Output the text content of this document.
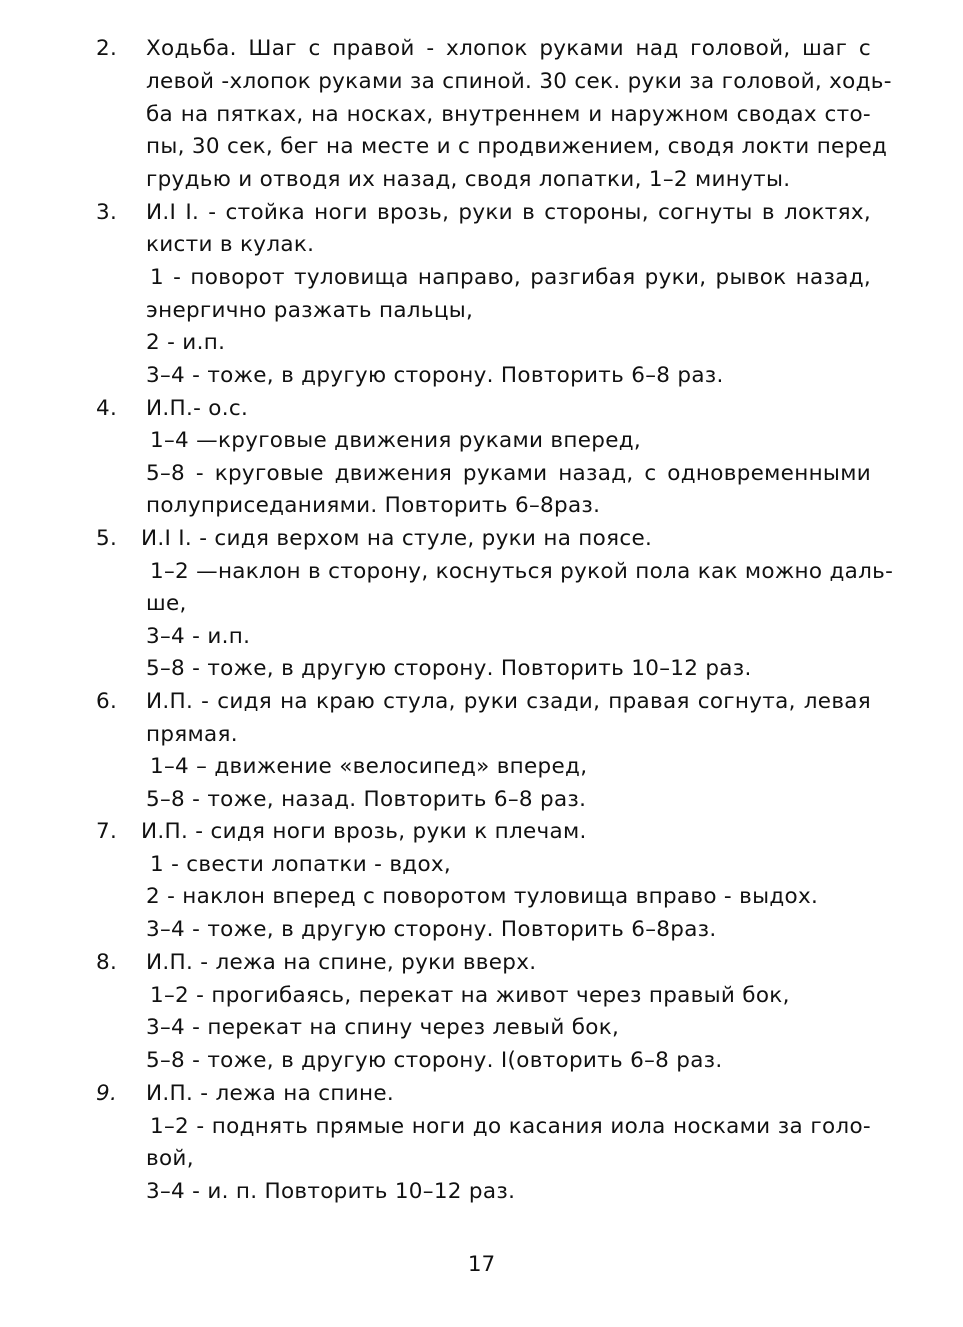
2. Ходьба. Шаг с правой - хлопок руками над головой, шаг с
левой -хлопок руками за спиной. 30 сек. руки за головой, ходь-
ба на пятках, на носках, внутреннем и наружном сводах сто-
пы, 30 сек, бег на месте и с продвижением, сводя локти перед
грудью и отводя их назад, сводя лопатки, 1–2 минуты.
3. И.I I. - стойка ноги врозь, руки в стороны, согнуты в локтях,
кисти в кулак.
1 - поворот туловища направо, разгибая руки, рывок назад,
энергично разжать пальцы,
2 - и.п.
3–4 - тоже, в другую сторону. Повторить 6–8 раз.
4. И.П.- о.с.
1–4 —круговые движения руками вперед,
5–8 - круговые движения руками назад, с одновременными
полуприседаниями. Повторить 6–8раз.
5. И.I I. - сидя верхом на стуле, руки на поясе.
1–2 —наклон в сторону, коснуться рукой пола как можно даль-
ше,
3–4 - и.п.
5–8 - тоже, в другую сторону. Повторить 10–12 раз.
6. И.П. - сидя на краю стула, руки сзади, правая согнута, левая
прямая.
1–4 – движение «велосипед» вперед,
5–8 - тоже, назад. Повторить 6–8 раз.
7. И.П. - сидя ноги врозь, руки к плечам.
1 - свести лопатки - вдох,
2 - наклон вперед с поворотом туловища вправо - выдох.
3–4 - тоже, в другую сторону. Повторить 6–8раз.
8. И.П. - лежа на спине, руки вверх.
1–2 - прогибаясь, перекат на живот через правый бок,
3–4 - перекат на спину через левый бок,
5–8 - тоже, в другую сторону. I(овторить 6–8 раз.
9. И.П. - лежа на спине.
1–2 - поднять прямые ноги до касания иола носками за голо-
вой,
3–4 - и. п. Повторить 10–12 раз.
17
